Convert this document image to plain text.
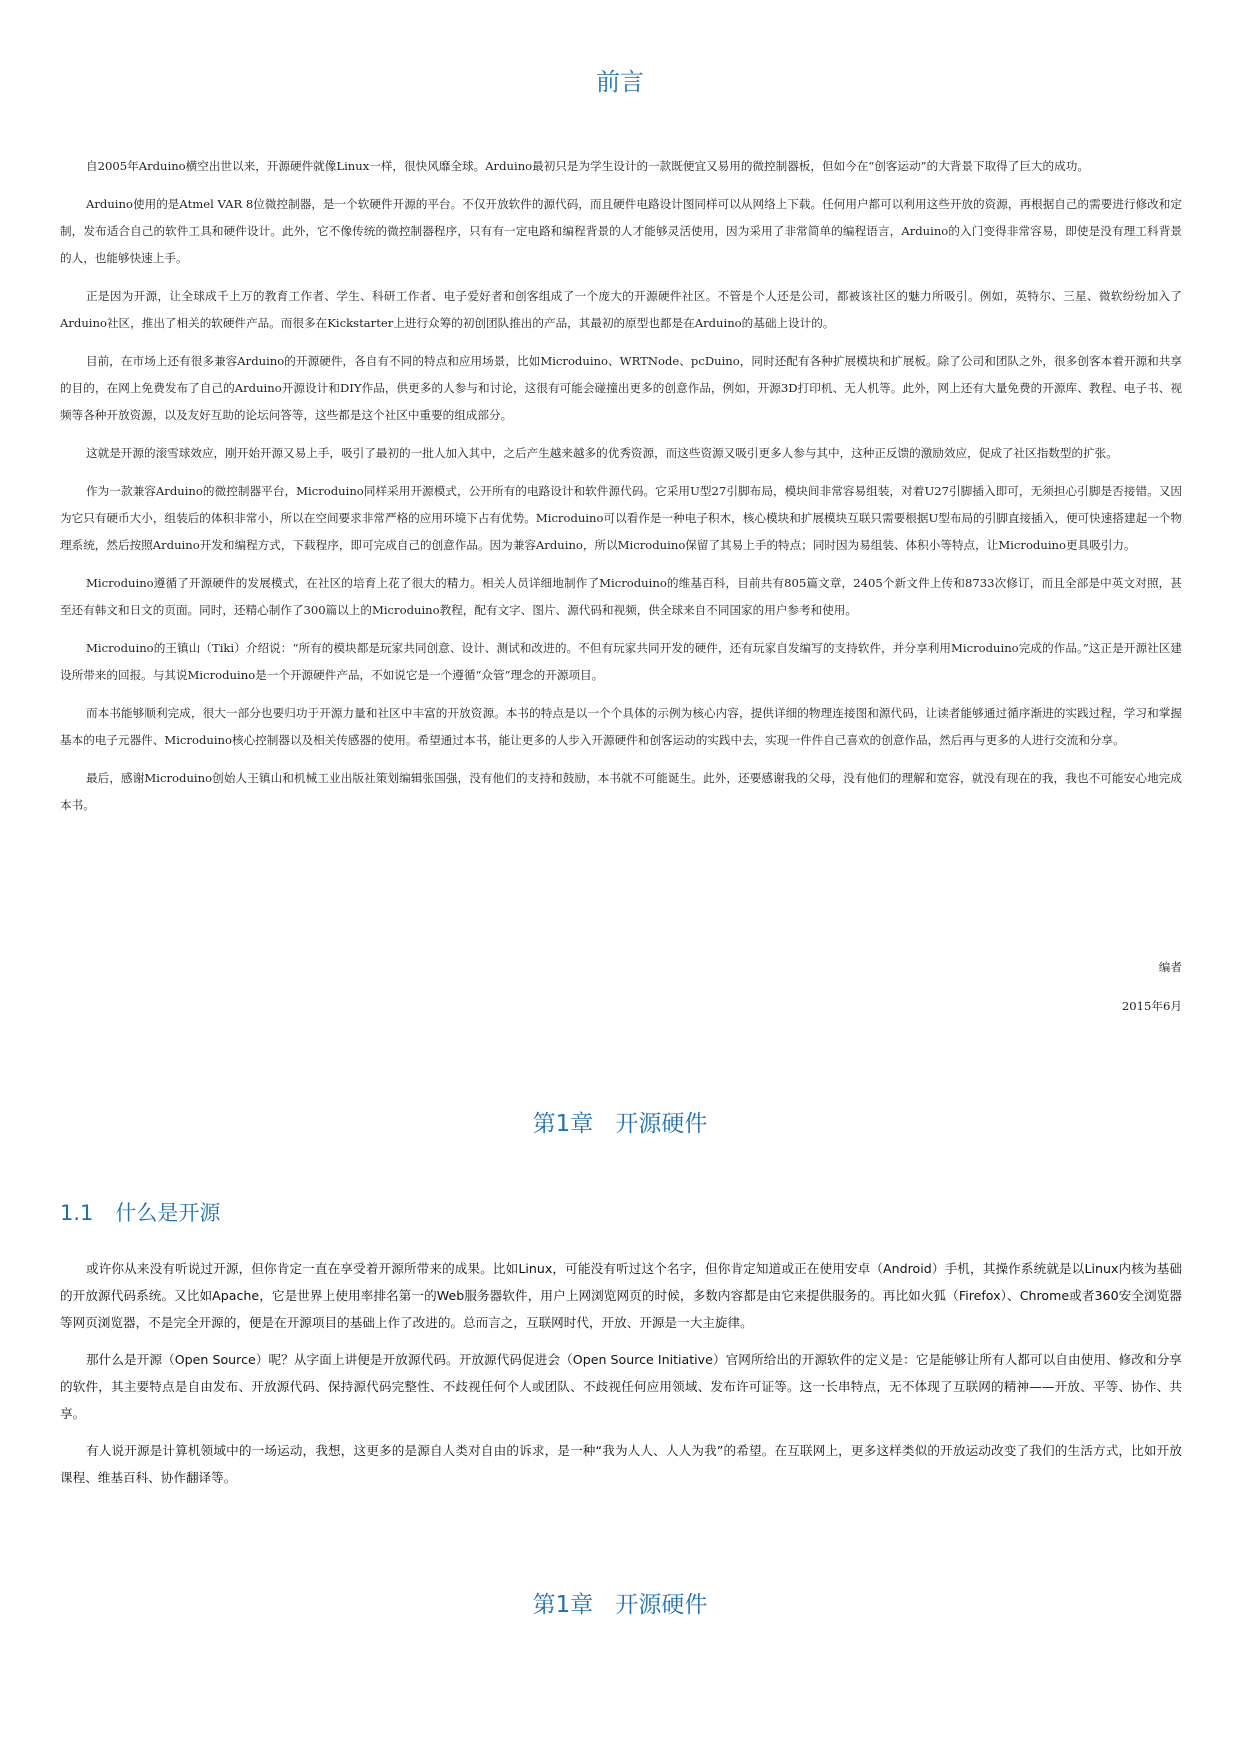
前言

自2005年Arduino横空出世以来，开源硬件就像Linux一样，很快风靡全球。Arduino最初只是为学生设计的一款既便宜又易用的微控制器板，但如今在“创客运动”的大背景下取得了巨大的成功。

Arduino使用的是Atmel VAR 8位微控制器，是一个软硬件开源的平台。不仅开放软件的源代码，而且硬件电路设计图同样可以从网络上下载。任何用户都可以利用这些开放的资源，再根据自己的需要进行修改和定制，发布适合自己的软件工具和硬件设计。此外，它不像传统的微控制器程序，只有有一定电路和编程背景的人才能够灵活使用，因为采用了非常简单的编程语言，Arduino的入门变得非常容易，即使是没有理工科背景的人，也能够快速上手。

正是因为开源，让全球成千上万的教育工作者、学生、科研工作者、电子爱好者和创客组成了一个庞大的开源硬件社区。不管是个人还是公司，都被该社区的魅力所吸引。例如，英特尔、三星、微软纷纷加入了Arduino社区，推出了相关的软硬件产品。而很多在Kickstarter上进行众筹的初创团队推出的产品，其最初的原型也都是在Arduino的基础上设计的。

目前，在市场上还有很多兼容Arduino的开源硬件，各自有不同的特点和应用场景，比如Microduino、WRTNode、pcDuino，同时还配有各种扩展模块和扩展板。除了公司和团队之外，很多创客本着开源和共享的目的，在网上免费发布了自己的Arduino开源设计和DIY作品，供更多的人参与和讨论，这很有可能会碰撞出更多的创意作品，例如，开源3D打印机、无人机等。此外，网上还有大量免费的开源库、教程、电子书、视频等各种开放资源，以及友好互助的论坛问答等，这些都是这个社区中重要的组成部分。

这就是开源的滚雪球效应，刚开始开源又易上手，吸引了最初的一批人加入其中，之后产生越来越多的优秀资源，而这些资源又吸引更多人参与其中，这种正反馈的激励效应，促成了社区指数型的扩张。

作为一款兼容Arduino的微控制器平台，Microduino同样采用开源模式，公开所有的电路设计和软件源代码。它采用U型27引脚布局，模块间非常容易组装，对着U27引脚插入即可，无须担心引脚是否接错。又因为它只有硬币大小，组装后的体积非常小，所以在空间要求非常严格的应用环境下占有优势。Microduino可以看作是一种电子积木，核心模块和扩展模块互联只需要根据U型布局的引脚直接插入，便可快速搭建起一个物理系统，然后按照Arduino开发和编程方式，下载程序，即可完成自己的创意作品。因为兼容Arduino，所以Microduino保留了其易上手的特点；同时因为易组装、体积小等特点，让Microduino更具吸引力。

Microduino遵循了开源硬件的发展模式，在社区的培育上花了很大的精力。相关人员详细地制作了Microduino的维基百科，目前共有805篇文章，2405个新文件上传和8733次修订，而且全部是中英文对照，甚至还有韩文和日文的页面。同时，还精心制作了300篇以上的Microduino教程，配有文字、图片、源代码和视频，供全球来自不同国家的用户参考和使用。

Microduino的王镇山（Tiki）介绍说：“所有的模块都是玩家共同创意、设计、测试和改进的。不但有玩家共同开发的硬件，还有玩家自发编写的支持软件，并分享利用Microduino完成的作品。”这正是开源社区建设所带来的回报。与其说Microduino是一个开源硬件产品，不如说它是一个遵循“众管”理念的开源项目。

而本书能够顺利完成，很大一部分也要归功于开源力量和社区中丰富的开放资源。本书的特点是以一个个具体的示例为核心内容，提供详细的物理连接图和源代码，让读者能够通过循序渐进的实践过程，学习和掌握基本的电子元器件、Microduino核心控制器以及相关传感器的使用。希望通过本书，能让更多的人步入开源硬件和创客运动的实践中去，实现一件件自己喜欢的创意作品，然后再与更多的人进行交流和分享。

最后，感谢Microduino创始人王镇山和机械工业出版社策划编辑张国强，没有他们的支持和鼓励，本书就不可能诞生。此外，还要感谢我的父母，没有他们的理解和宽容，就没有现在的我，我也不可能安心地完成本书。

编者
2015年6月
第1章 开源硬件
1.1 什么是开源

或许你从来没有听说过开源，但你肯定一直在享受着开源所带来的成果。比如Linux，可能没有听过这个名字，但你肯定知道或正在使用安卓（Android）手机，其操作系统就是以Linux内核为基础的开放源代码系统。又比如Apache，它是世界上使用率排名第一的Web服务器软件，用户上网浏览网页的时候，多数内容都是由它来提供服务的。再比如火狐（Firefox）、Chrome或者360安全浏览器等网页浏览器，不是完全开源的，便是在开源项目的基础上作了改进的。总而言之，互联网时代，开放、开源是一大主旋律。

那什么是开源（Open Source）呢？从字面上讲便是开放源代码。开放源代码促进会（Open Source Initiative）官网所给出的开源软件的定义是：它是能够让所有人都可以自由使用、修改和分享的软件，其主要特点是自由发布、开放源代码、保持源代码完整性、不歧视任何个人或团队、不歧视任何应用领域、发布许可证等。这一长串特点，无不体现了互联网的精神——开放、平等、协作、共享。

有人说开源是计算机领域中的一场运动，我想，这更多的是源自人类对自由的诉求，是一种“我为人人、人人为我”的希望。在互联网上，更多这样类似的开放运动改变了我们的生活方式，比如开放课程、维基百科、协作翻译等。

第1章 开源硬件
